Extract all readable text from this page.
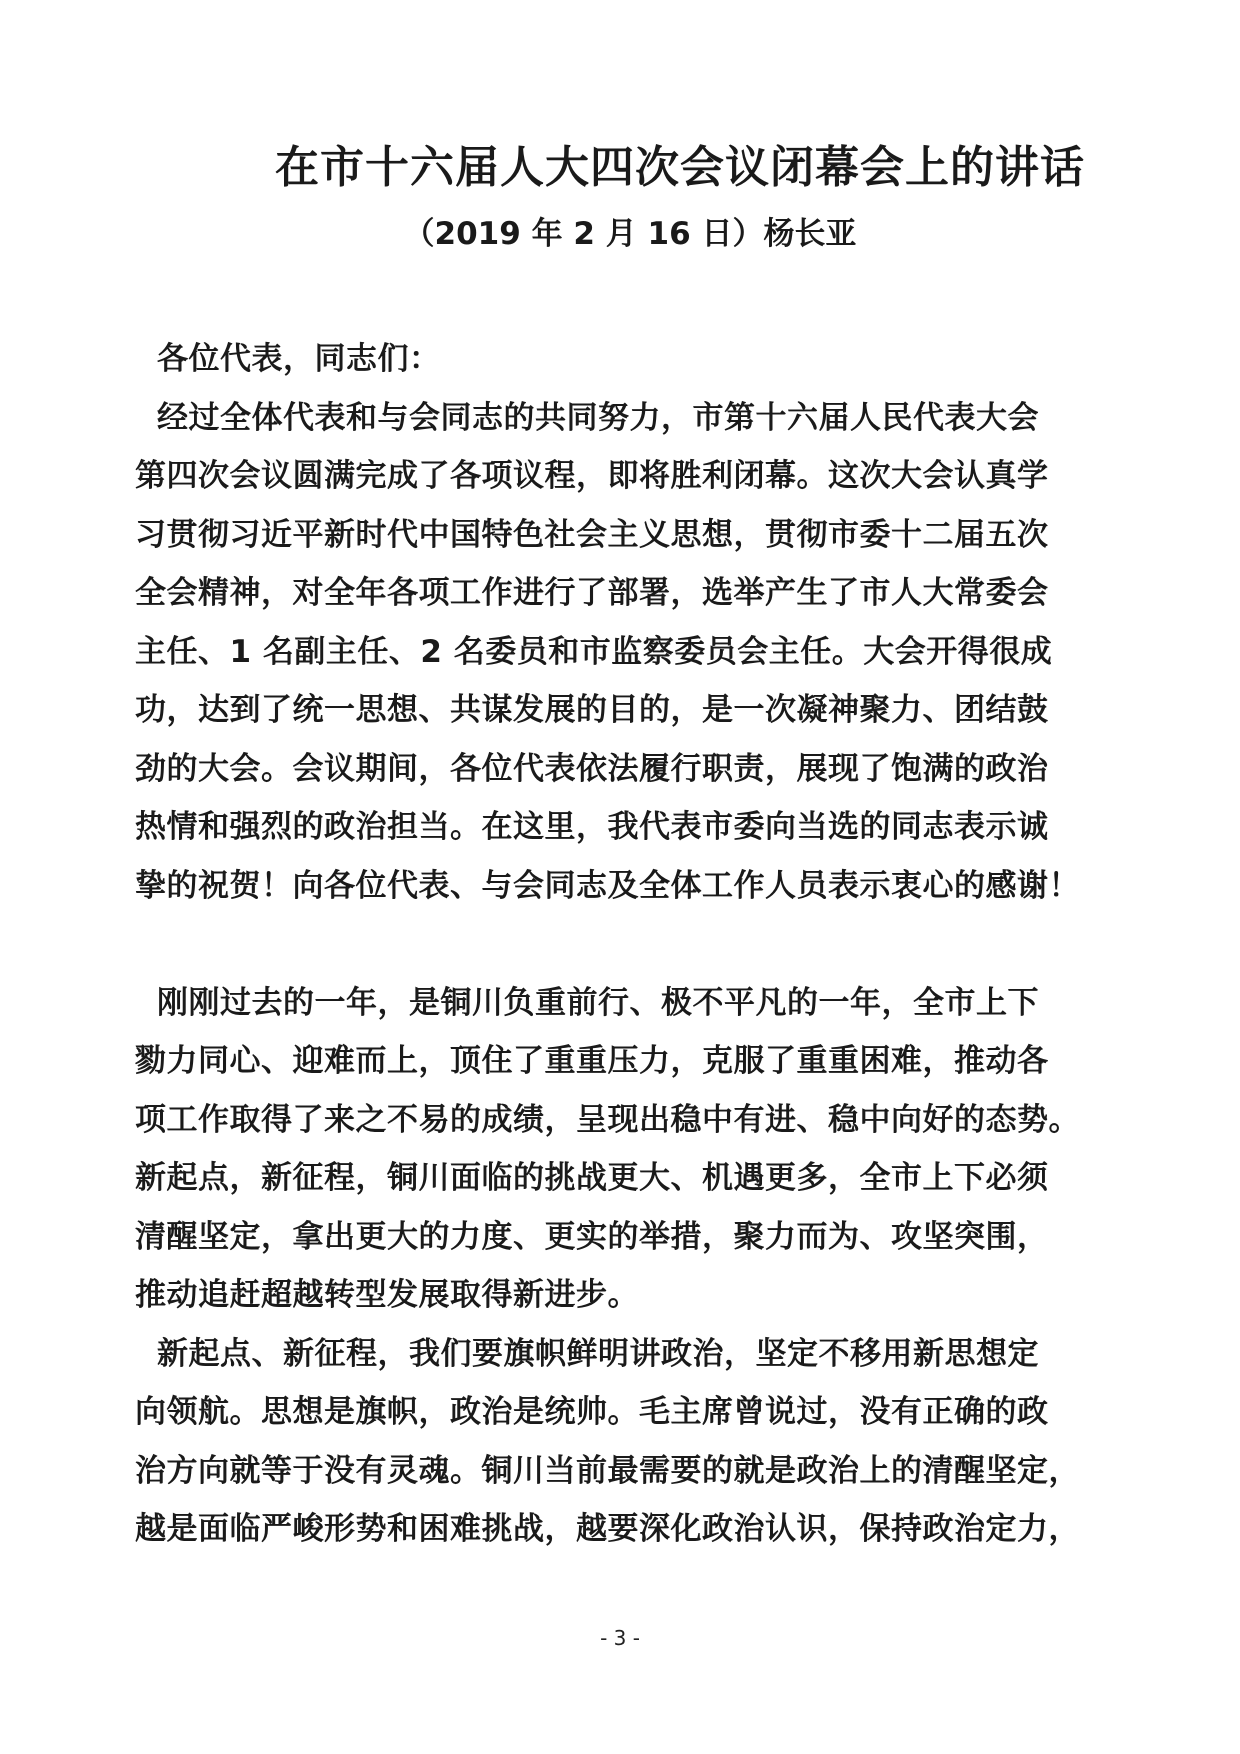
在市十六届人大四次会议闭幕会上的讲话
（2019 年 2 月 16 日）杨长亚
各位代表，同志们：
经过全体代表和与会同志的共同努力，市第十六届人民代表大会
第四次会议圆满完成了各项议程，即将胜利闭幕。这次大会认真学
习贯彻习近平新时代中国特色社会主义思想，贯彻市委十二届五次
全会精神，对全年各项工作进行了部署，选举产生了市人大常委会
主任、1 名副主任、2 名委员和市监察委员会主任。大会开得很成
功，达到了统一思想、共谋发展的目的，是一次凝神聚力、团结鼓
劲的大会。会议期间，各位代表依法履行职责，展现了饱满的政治
热情和强烈的政治担当。在这里，我代表市委向当选的同志表示诚
挚的祝贺！向各位代表、与会同志及全体工作人员表示衷心的感谢！
刚刚过去的一年，是铜川负重前行、极不平凡的一年，全市上下
勠力同心、迎难而上，顶住了重重压力，克服了重重困难，推动各
项工作取得了来之不易的成绩，呈现出稳中有进、稳中向好的态势。
新起点，新征程，铜川面临的挑战更大、机遇更多，全市上下必须
清醒坚定，拿出更大的力度、更实的举措，聚力而为、攻坚突围，
推动追赶超越转型发展取得新进步。
新起点、新征程，我们要旗帜鲜明讲政治，坚定不移用新思想定
向领航。思想是旗帜，政治是统帅。毛主席曾说过，没有正确的政
治方向就等于没有灵魂。铜川当前最需要的就是政治上的清醒坚定，
越是面临严峻形势和困难挑战，越要深化政治认识，保持政治定力，
- 3 -
